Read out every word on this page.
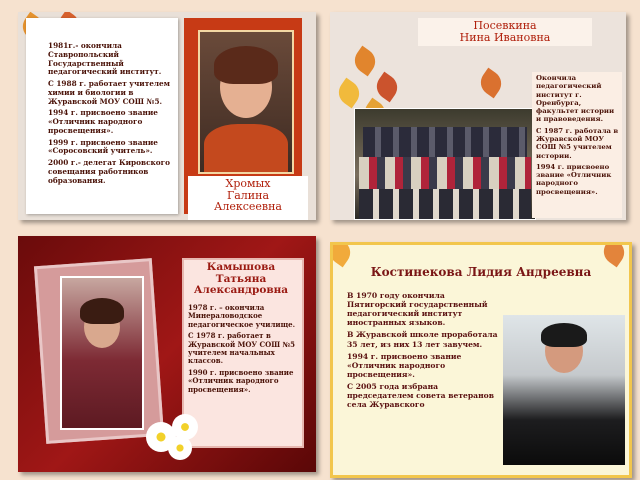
1981г.- окончила Ставропольский Государственный педагогический институт.

С 1988 г. работает учителем химии и биологии в Журавской МОУ СОШ №5.

1994 г. присвоено звание «Отличник народного просвещения».

1999 г. присвоено звание «Соросовский учитель».

2000 г.- делегат Кировского совещания работников образования.	Хромых
Галина
Алексеевна
Посевкина
Нина Ивановна

Окончила педагогический институт г. Оренбурга, факультет истории и правоведения.

С 1987 г. работала в Журавской МОУ СОШ №5 учителем истории.

1994 г. присвоено звание «Отличник народного просвещения».

Камышова
Татьяна
Александровна

1978 г. – окончила Минераловодское педагогическое училище.

С 1978 г. работает в Журавской МОУ СОШ №5 учителем начальных классов.

1990 г. присвоено звание «Отличник народного просвещения».

Костинекова Лидия Андреевна

В 1970 году окончила Пятигорский государственный педагогический институт иностранных языков.

В Журавской школе проработала 35 лет, из них 13 лет завучем.

1994 г. присвоено звание «Отличник народного просвещения».

С 2005 года избрана председателем совета ветеранов села Журавского
